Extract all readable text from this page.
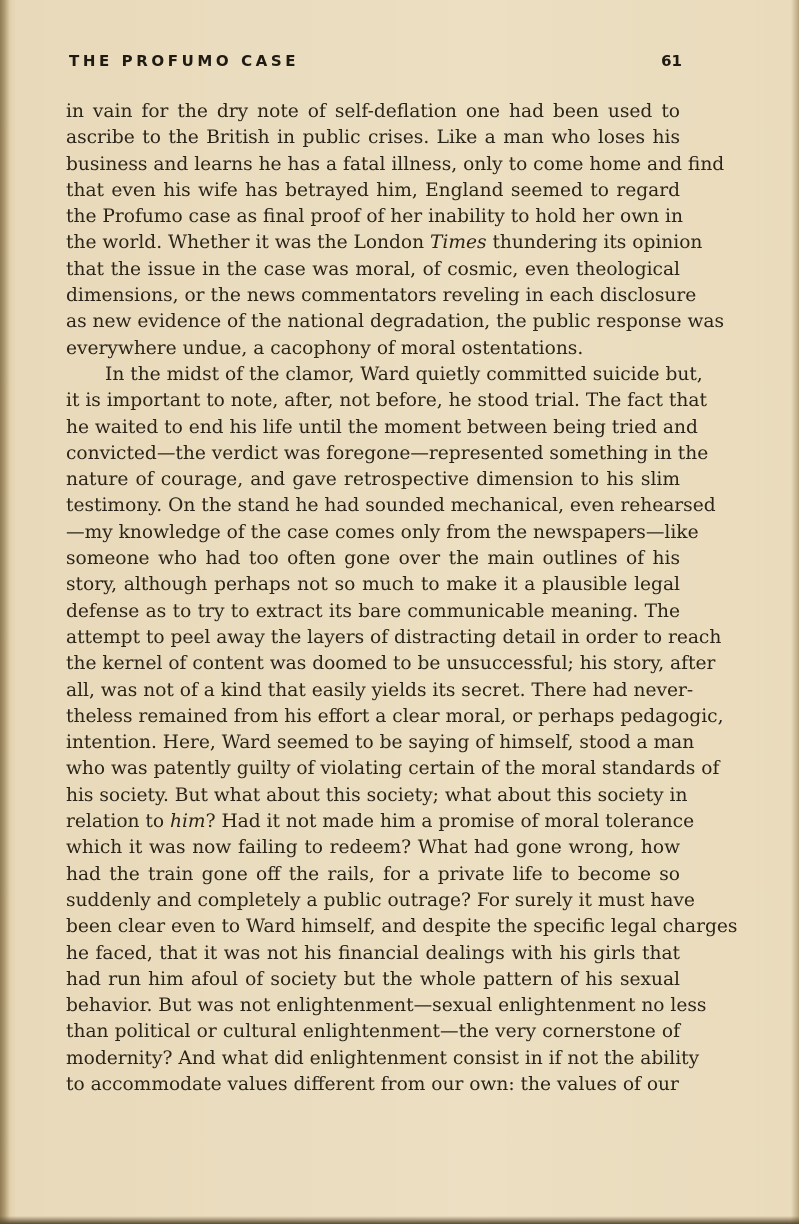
THE PROFUMO CASE	61
in vain for the dry note of self-deflation one had been used to
ascribe to the British in public crises. Like a man who loses his
business and learns he has a fatal illness, only to come home and find
that even his wife has betrayed him, England seemed to regard
the Profumo case as final proof of her inability to hold her own in
the world. Whether it was the London Times thundering its opinion
that the issue in the case was moral, of cosmic, even theological
dimensions, or the news commentators reveling in each disclosure
as new evidence of the national degradation, the public response was
everywhere undue, a cacophony of moral ostentations.
In the midst of the clamor, Ward quietly committed suicide but,
it is important to note, after, not before, he stood trial. The fact that
he waited to end his life until the moment between being tried and
convicted—the verdict was foregone—represented something in the
nature of courage, and gave retrospective dimension to his slim
testimony. On the stand he had sounded mechanical, even rehearsed
—my knowledge of the case comes only from the newspapers—like
someone who had too often gone over the main outlines of his
story, although perhaps not so much to make it a plausible legal
defense as to try to extract its bare communicable meaning. The
attempt to peel away the layers of distracting detail in order to reach
the kernel of content was doomed to be unsuccessful; his story, after
all, was not of a kind that easily yields its secret. There had never-
theless remained from his effort a clear moral, or perhaps pedagogic,
intention. Here, Ward seemed to be saying of himself, stood a man
who was patently guilty of violating certain of the moral standards of
his society. But what about this society; what about this society in
relation to him? Had it not made him a promise of moral tolerance
which it was now failing to redeem? What had gone wrong, how
had the train gone off the rails, for a private life to become so
suddenly and completely a public outrage? For surely it must have
been clear even to Ward himself, and despite the specific legal charges
he faced, that it was not his financial dealings with his girls that
had run him afoul of society but the whole pattern of his sexual
behavior. But was not enlightenment—sexual enlightenment no less
than political or cultural enlightenment—the very cornerstone of
modernity? And what did enlightenment consist in if not the ability
to accommodate values different from our own: the values of our
